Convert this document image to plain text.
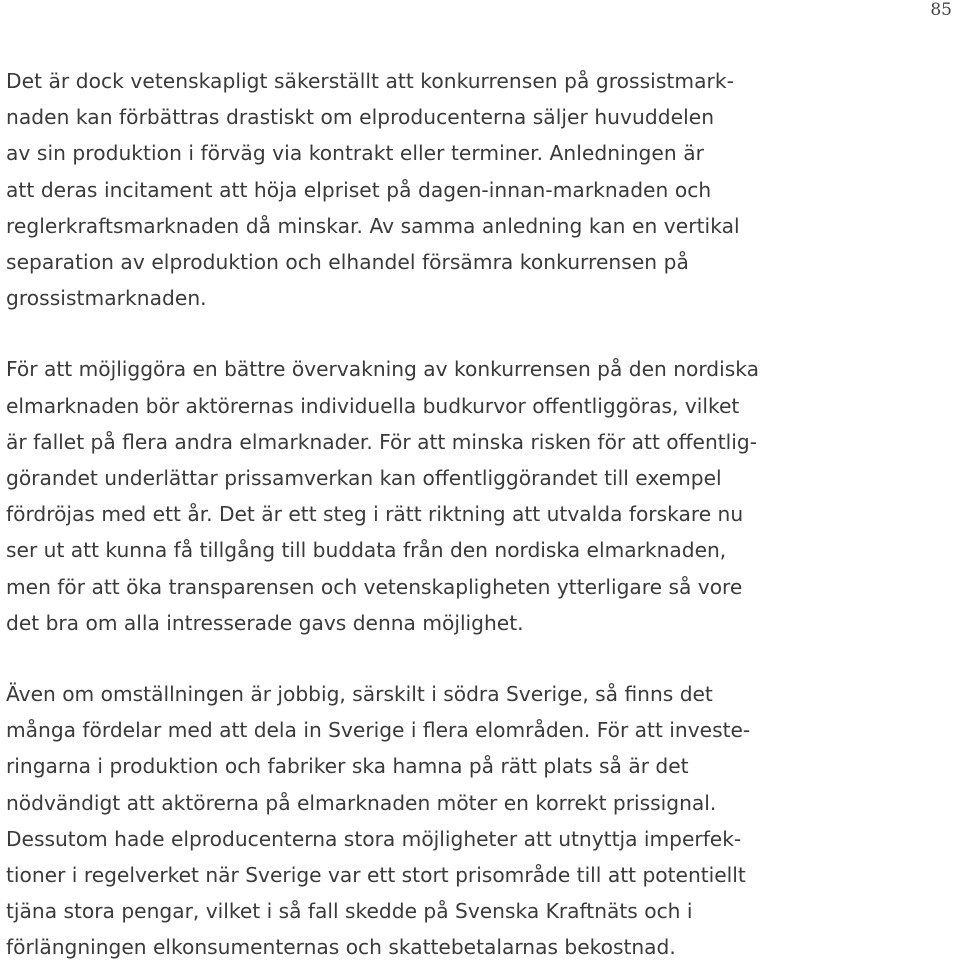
85

Det är dock vetenskapligt säkerställt att konkurrensen på grossistmark-
naden kan förbättras drastiskt om elproducenterna säljer huvuddelen
av sin produktion i förväg via kontrakt eller terminer. Anledningen är
att deras incitament att höja elpriset på dagen-innan-marknaden och
reglerkraftsmarknaden då minskar. Av samma anledning kan en vertikal
separation av elproduktion och elhandel försämra konkurrensen på
grossistmarknaden.

För att möjliggöra en bättre övervakning av konkurrensen på den nordiska
elmarknaden bör aktörernas individuella budkurvor offentliggöras, vilket
är fallet på flera andra elmarknader. För att minska risken för att offentlig-
görandet underlättar prissamverkan kan offentliggörandet till exempel
fördröjas med ett år. Det är ett steg i rätt riktning att utvalda forskare nu
ser ut att kunna få tillgång till buddata från den nordiska elmarknaden,
men för att öka transparensen och vetenskapligheten ytterligare så vore
det bra om alla intresserade gavs denna möjlighet.

Även om omställningen är jobbig, särskilt i södra Sverige, så finns det
många fördelar med att dela in Sverige i flera elområden. För att investe-
ringarna i produktion och fabriker ska hamna på rätt plats så är det
nödvändigt att aktörerna på elmarknaden möter en korrekt prissignal.
Dessutom hade elproducenterna stora möjligheter att utnyttja imperfek-
tioner i regelverket när Sverige var ett stort prisområde till att potentiellt
tjäna stora pengar, vilket i så fall skedde på Svenska Kraftnäts och i
förlängningen elkonsumenternas och skattebetalarnas bekostnad.
